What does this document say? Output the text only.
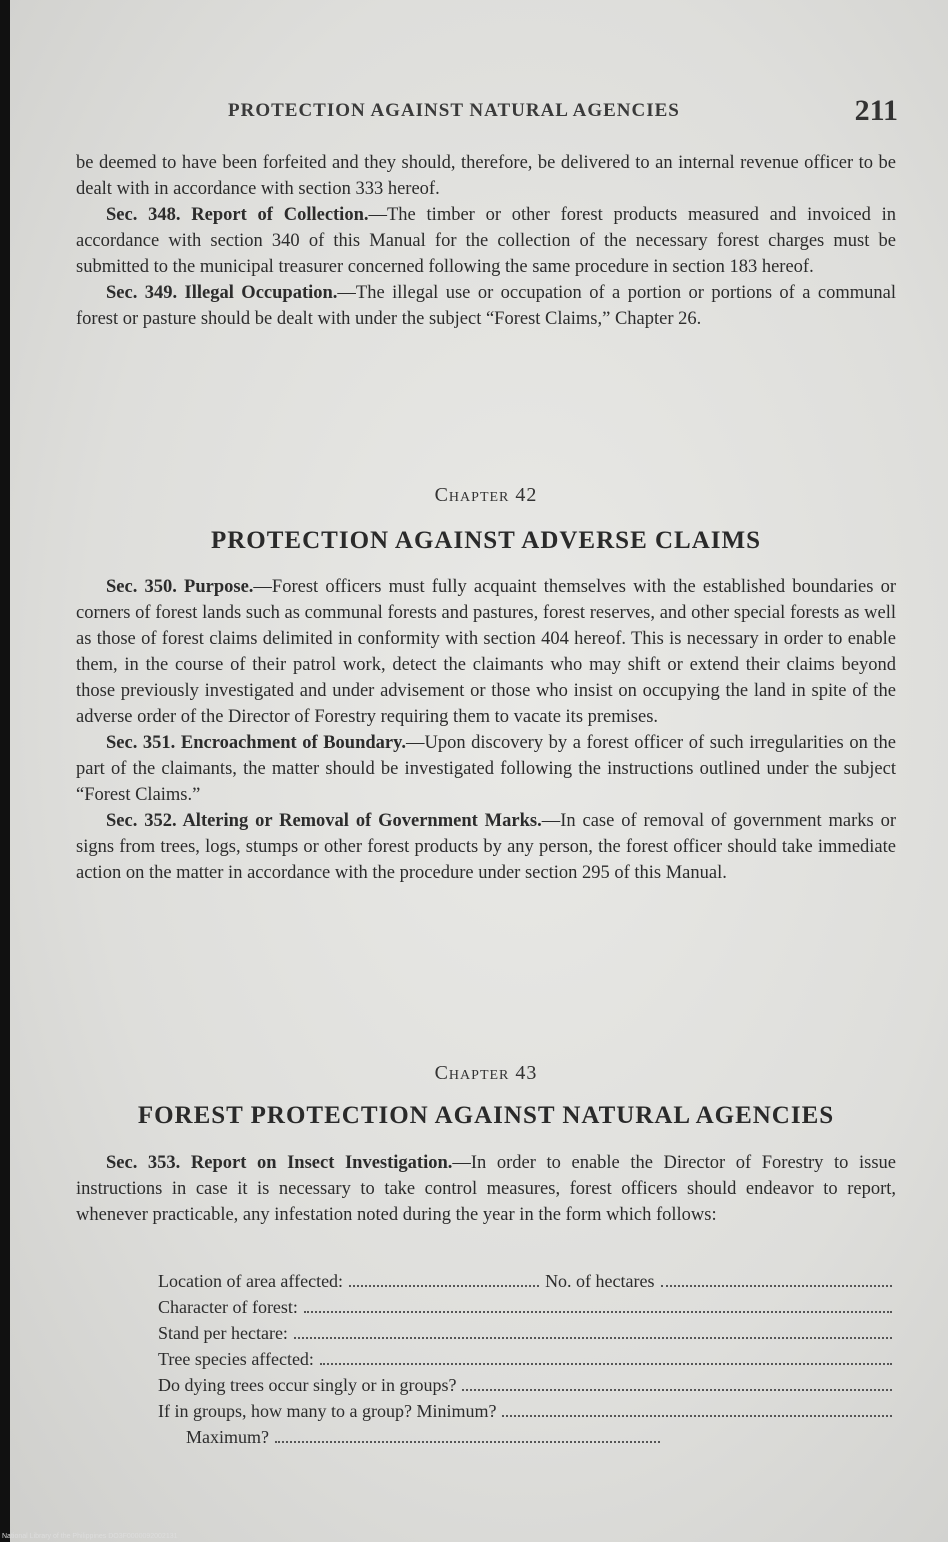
PROTECTION AGAINST NATURAL AGENCIES	211

be deemed to have been forfeited and they should, therefore, be delivered to an internal revenue officer to be dealt with in accordance with section 333 hereof.

Sec. 348. Report of Collection.—The timber or other forest products measured and invoiced in accordance with section 340 of this Manual for the collection of the necessary forest charges must be submitted to the municipal treasurer concerned following the same procedure in section 183 hereof.

Sec. 349. Illegal Occupation.—The illegal use or occupation of a portion or portions of a communal forest or pasture should be dealt with under the subject “Forest Claims,” Chapter 26.

Chapter 42
PROTECTION AGAINST ADVERSE CLAIMS

Sec. 350. Purpose.—Forest officers must fully acquaint themselves with the established boundaries or corners of forest lands such as communal forests and pastures, forest reserves, and other special forests as well as those of forest claims delimited in conformity with section 404 hereof. This is necessary in order to enable them, in the course of their patrol work, detect the claimants who may shift or extend their claims beyond those previously investigated and under advisement or those who insist on occupying the land in spite of the adverse order of the Director of Forestry requiring them to vacate its premises.

Sec. 351. Encroachment of Boundary.—Upon discovery by a forest officer of such irregularities on the part of the claimants, the matter should be investigated following the instructions outlined under the subject “Forest Claims.”

Sec. 352. Altering or Removal of Government Marks.—In case of removal of government marks or signs from trees, logs, stumps or other forest products by any person, the forest officer should take immediate action on the matter in accordance with the procedure under section 295 of this Manual.

Chapter 43
FOREST PROTECTION AGAINST NATURAL AGENCIES

Sec. 353. Report on Insect Investigation.—In order to enable the Director of Forestry to issue instructions in case it is necessary to take control measures, forest officers should endeavor to report, whenever practicable, any infestation noted during the year in the form which follows:

Location of area affected:	No. of hectares
Character of forest:
Stand per hectare:
Tree species affected:
Do dying trees occur singly or in groups?
If in groups, how many to a group? Minimum?
Maximum?
National Library of the Philippines DO3F0000092002131
